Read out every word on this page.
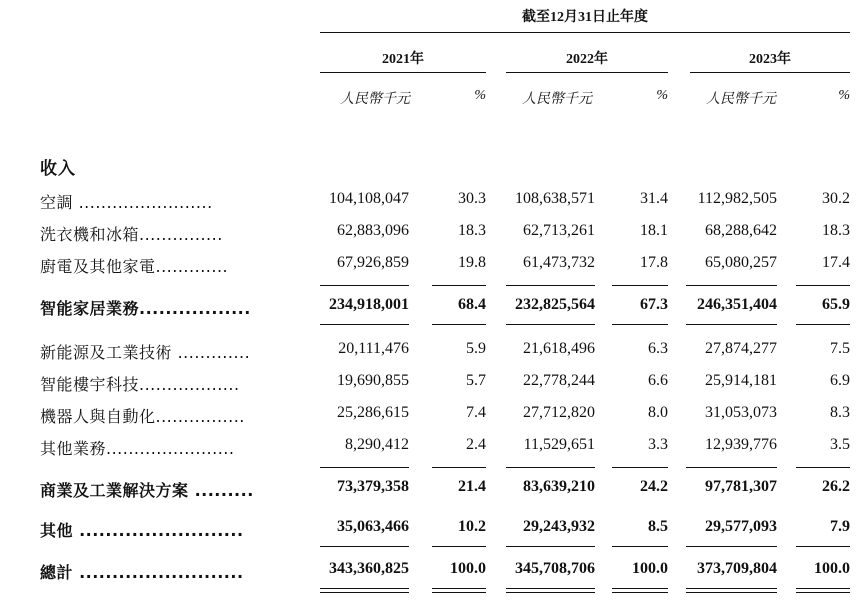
截至12月31日止年度
2021年	2022年	2023年
人民幣千元	%	人民幣千元	%	人民幣千元	%
收入
空調 ........................	104,108,047	30.3	108,638,571	31.4	112,982,505	30.2
洗衣機和冰箱...............	62,883,096	18.3	62,713,261	18.1	68,288,642	18.3
廚電及其他家電.............	67,926,859	19.8	61,473,732	17.8	65,080,257	17.4
智能家居業務.................	234,918,001	68.4	232,825,564	67.3	246,351,404	65.9
新能源及工業技術 .............	20,111,476	5.9	21,618,496	6.3	27,874,277	7.5
智能樓宇科技..................	19,690,855	5.7	22,778,244	6.6	25,914,181	6.9
機器人與自動化................	25,286,615	7.4	27,712,820	8.0	31,053,073	8.3
其他業務.......................	8,290,412	2.4	11,529,651	3.3	12,939,776	3.5
商業及工業解決方案 .........	73,379,358	21.4	83,639,210	24.2	97,781,307	26.2
其他 .........................	35,063,466	10.2	29,243,932	8.5	29,577,093	7.9
總計 .........................	343,360,825	100.0	345,708,706	100.0	373,709,804	100.0
